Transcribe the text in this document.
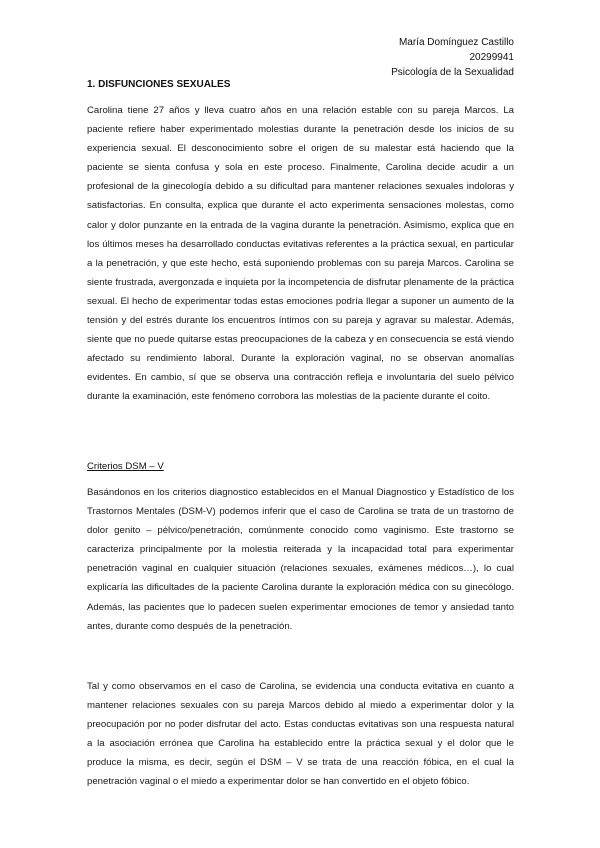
María Domínguez Castillo
20299941
Psicología de la Sexualidad
1. DISFUNCIONES SEXUALES

Carolina tiene 27 años y lleva cuatro años en una relación estable con su pareja Marcos. La paciente refiere haber experimentado molestias durante la penetración desde los inicios de su experiencia sexual. El desconocimiento sobre el origen de su malestar está haciendo que la paciente se sienta confusa y sola en este proceso. Finalmente, Carolina decide acudir a un profesional de la ginecología debido a su dificultad para mantener relaciones sexuales indoloras y satisfactorias. En consulta, explica que durante el acto experimenta sensaciones molestas, como calor y dolor punzante en la entrada de la vagina durante la penetración. Asimismo, explica que en los últimos meses ha desarrollado conductas evitativas referentes a la práctica sexual, en particular a la penetración, y que este hecho, está suponiendo problemas con su pareja Marcos. Carolina se siente frustrada, avergonzada e inquieta por la incompetencia de disfrutar plenamente de la práctica sexual. El hecho de experimentar todas estas emociones podría llegar a suponer un aumento de la tensión y del estrés durante los encuentros íntimos con su pareja y agravar su malestar. Además, siente que no puede quitarse estas preocupaciones de la cabeza y en consecuencia se está viendo afectado su rendimiento laboral. Durante la exploración vaginal, no se observan anomalías evidentes. En cambio, sí que se observa una contracción refleja e involuntaria del suelo pélvico durante la examinación, este fenómeno corrobora las molestias de la paciente durante el coito.

Criterios DSM – V

Basándonos en los criterios diagnostico establecidos en el Manual Diagnostico y Estadístico de los Trastornos Mentales (DSM-V) podemos inferir que el caso de Carolina se trata de un trastorno de dolor genito – pélvico/penetración, comúnmente conocido como vaginismo. Este trastorno se caracteriza principalmente por la molestia reiterada y la incapacidad total para experimentar penetración vaginal en cualquier situación (relaciones sexuales, exámenes médicos…), lo cual explicaría las dificultades de la paciente Carolina durante la exploración médica con su ginecólogo. Además, las pacientes que lo padecen suelen experimentar emociones de temor y ansiedad tanto antes, durante como después de la penetración.

Tal y como observamos en el caso de Carolina, se evidencia una conducta evitativa en cuanto a mantener relaciones sexuales con su pareja Marcos debido al miedo a experimentar dolor y la preocupación por no poder disfrutar del acto. Estas conductas evitativas son una respuesta natural a la asociación errónea que Carolina ha establecido entre la práctica sexual y el dolor que le produce la misma, es decir, según el DSM – V se trata de una reacción fóbica, en el cual la penetración vaginal o el miedo a experimentar dolor se han convertido en el objeto fóbico.
